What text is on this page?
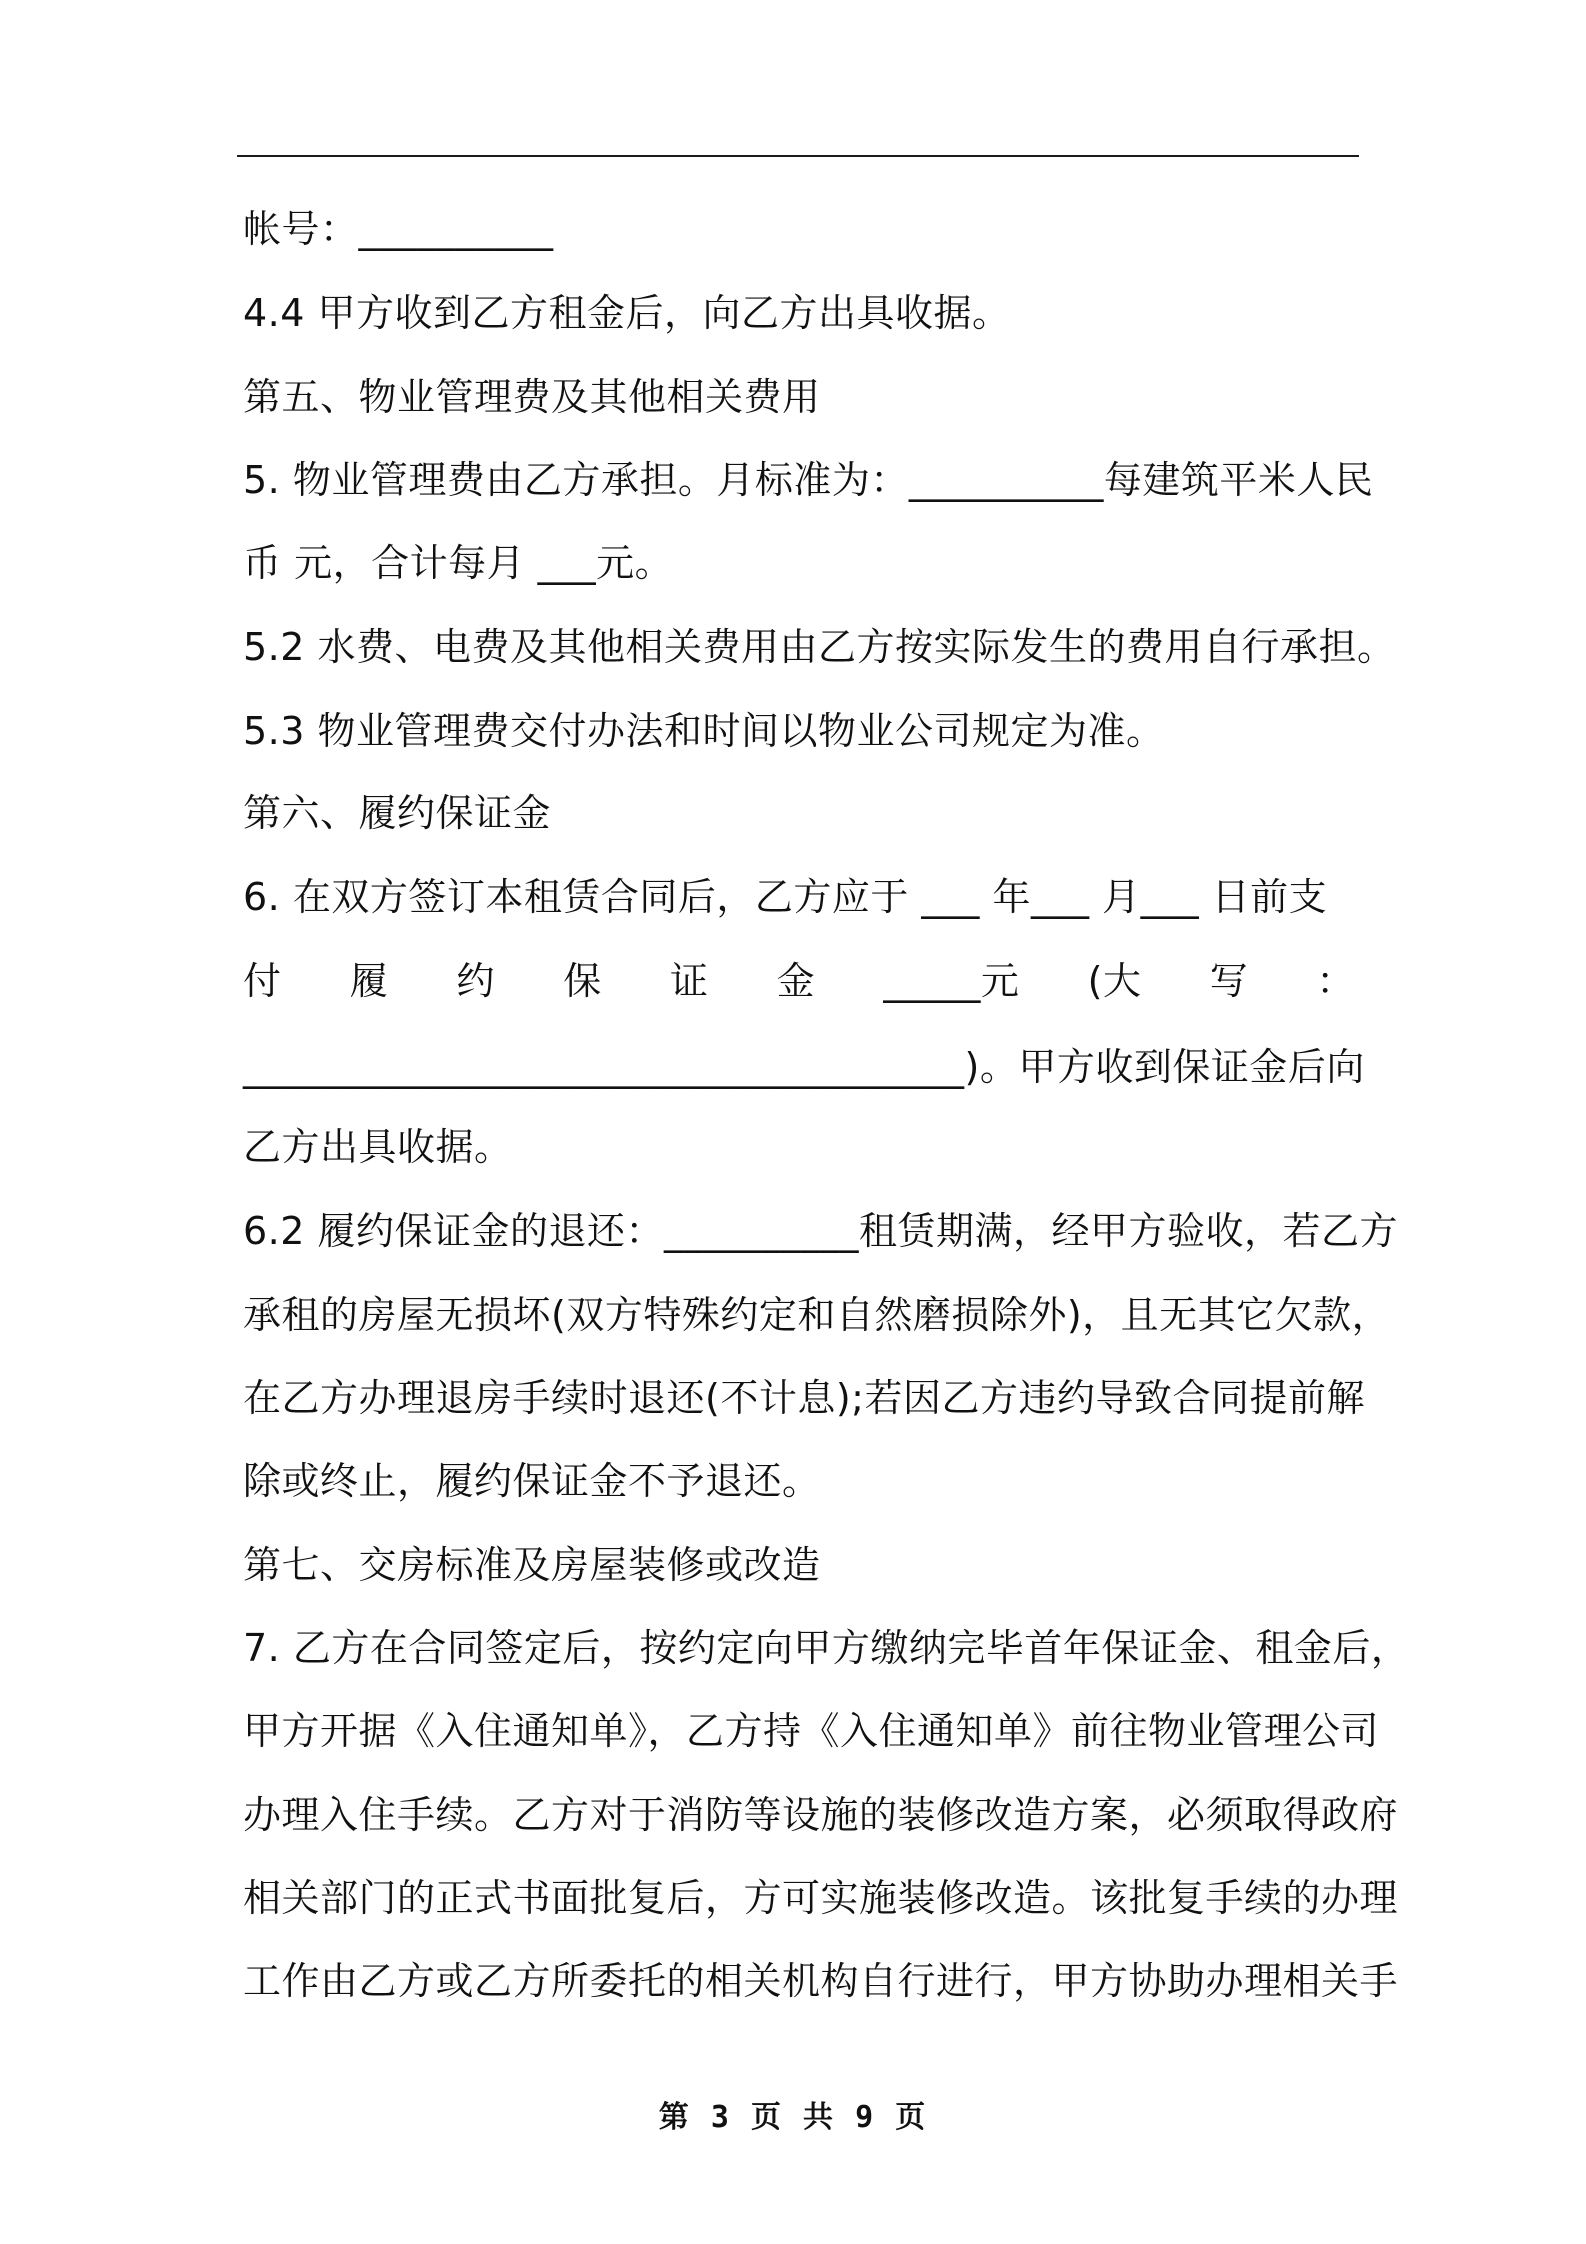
帐号：__________
4.4 甲方收到乙方租金后，向乙方出具收据。
第五、物业管理费及其他相关费用
5. 物业管理费由乙方承担。月标准为：__________每建筑平米人民
币 元，合计每月 ___元。
5.2 水费、电费及其他相关费用由乙方按实际发生的费用自行承担。
5.3 物业管理费交付办法和时间以物业公司规定为准。
第六、履约保证金
6. 在双方签订本租赁合同后，乙方应于 ___ 年___ 月___ 日前支
付 履 约 保 证 金 _____元 (大 写 ：
_____________________________________)。甲方收到保证金后向
乙方出具收据。
6.2 履约保证金的退还：__________租赁期满，经甲方验收，若乙方
承租的房屋无损坏(双方特殊约定和自然磨损除外)，且无其它欠款，
在乙方办理退房手续时退还(不计息);若因乙方违约导致合同提前解
除或终止，履约保证金不予退还。
第七、交房标准及房屋装修或改造
7. 乙方在合同签定后，按约定向甲方缴纳完毕首年保证金、租金后，
甲方开据《入住通知单》，乙方持《入住通知单》前往物业管理公司
办理入住手续。乙方对于消防等设施的装修改造方案，必须取得政府
相关部门的正式书面批复后，方可实施装修改造。该批复手续的办理
工作由乙方或乙方所委托的相关机构自行进行，甲方协助办理相关手
第 3 页 共 9 页
